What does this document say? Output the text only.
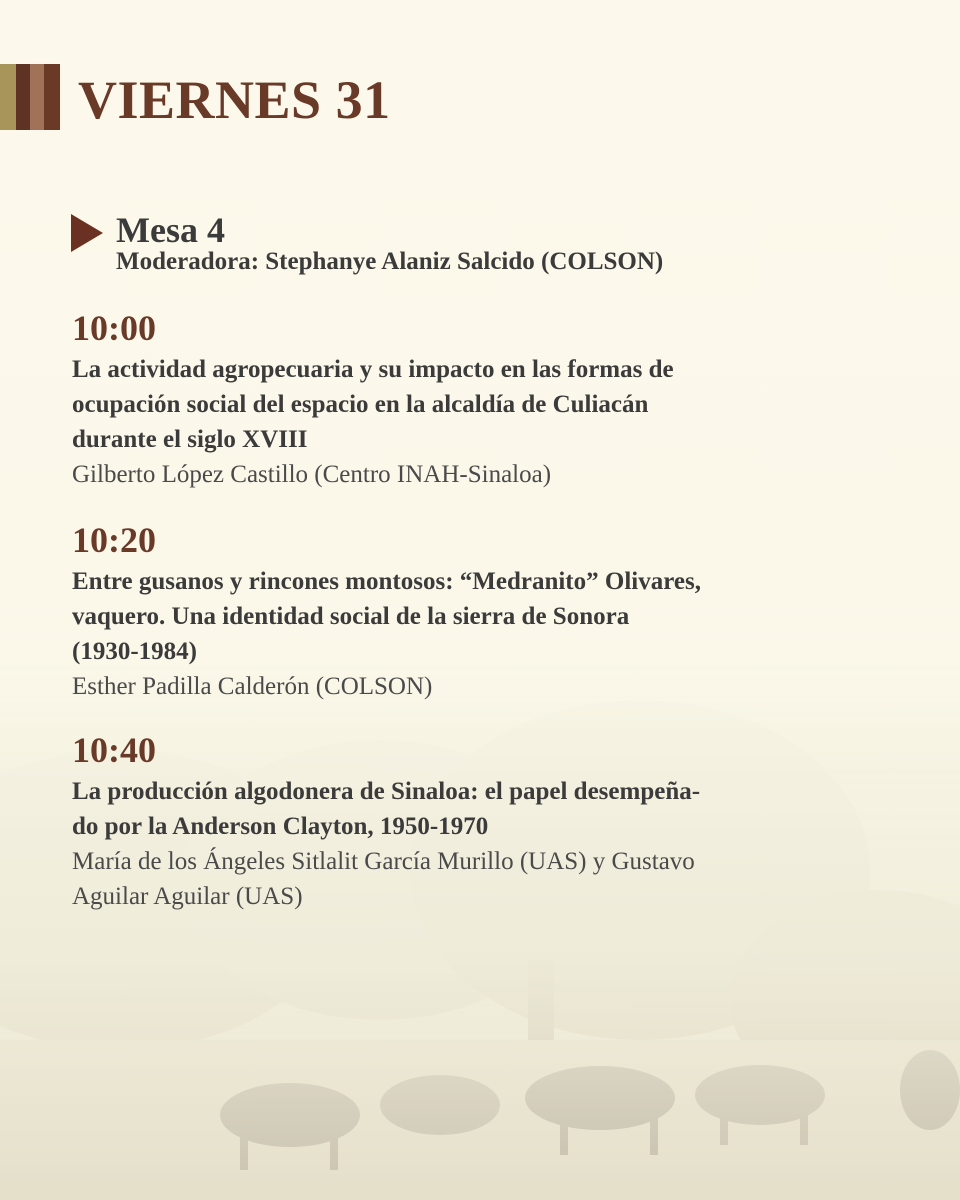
VIERNES 31
Mesa 4
Moderadora: Stephanye Alaniz Salcido (COLSON)
10:00
La actividad agropecuaria y su impacto en las formas de
ocupación social del espacio en la alcaldía de Culiacán
durante el siglo XVIII
Gilberto López Castillo (Centro INAH-Sinaloa)
10:20
Entre gusanos y rincones montosos: “Medranito” Olivares,
vaquero. Una identidad social de la sierra de Sonora
(1930-1984)
Esther Padilla Calderón (COLSON)
10:40
La producción algodonera de Sinaloa: el papel desempeña-
do por la Anderson Clayton, 1950-1970
María de los Ángeles Sitlalit García Murillo (UAS) y Gustavo
Aguilar Aguilar (UAS)
